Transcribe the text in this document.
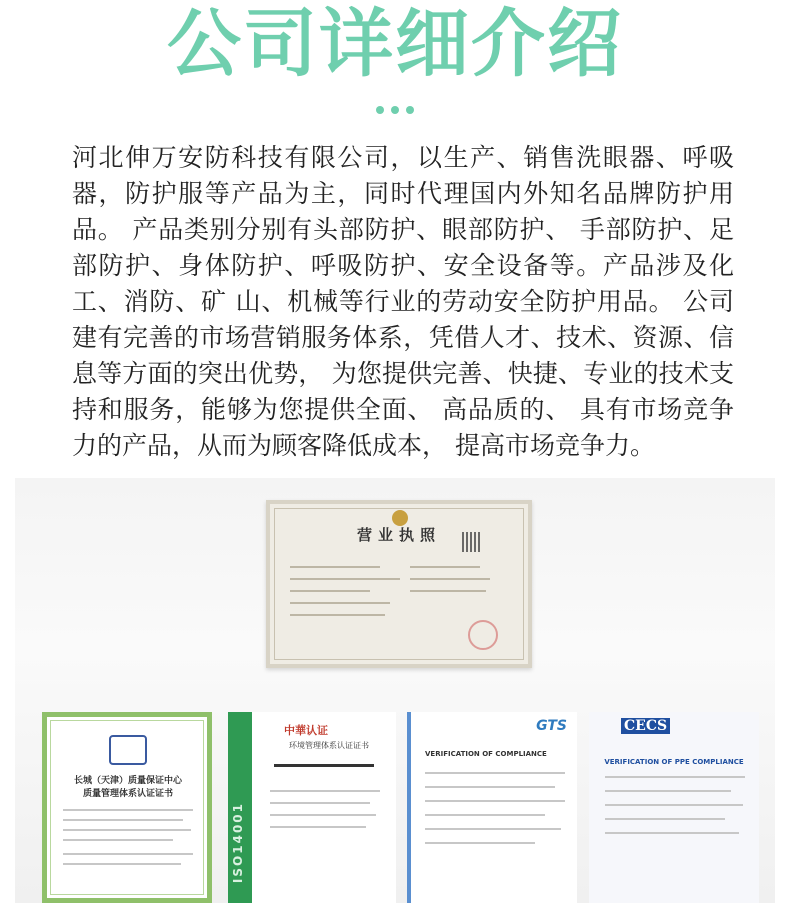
公司详细介绍

河北伸万安防科技有限公司，以生产、销售洗眼器、呼吸器，防护服等产品为主，同时代理国内外知名品牌防护用品。 产品类别分别有头部防护、眼部防护、 手部防护、足部防护、身体防护、呼吸防护、安全设备等。产品涉及化工、消防、矿 山、机械等行业的劳动安全防护用品。 公司建有完善的市场营销服务体系，凭借人才、技术、资源、信息等方面的突出优势， 为您提供完善、快捷、专业的技术支持和服务，能够为您提供全面、 高品质的、 具有市场竞争力的产品，从而为顾客降低成本， 提高市场竞争力。

营业执照
长城（天津）质量保证中心
质量管理体系认证证书
ISO14001
中華认证
环境管理体系认证证书
GTS
VERIFICATION OF COMPLIANCE
CECS
VERIFICATION OF PPE COMPLIANCE
